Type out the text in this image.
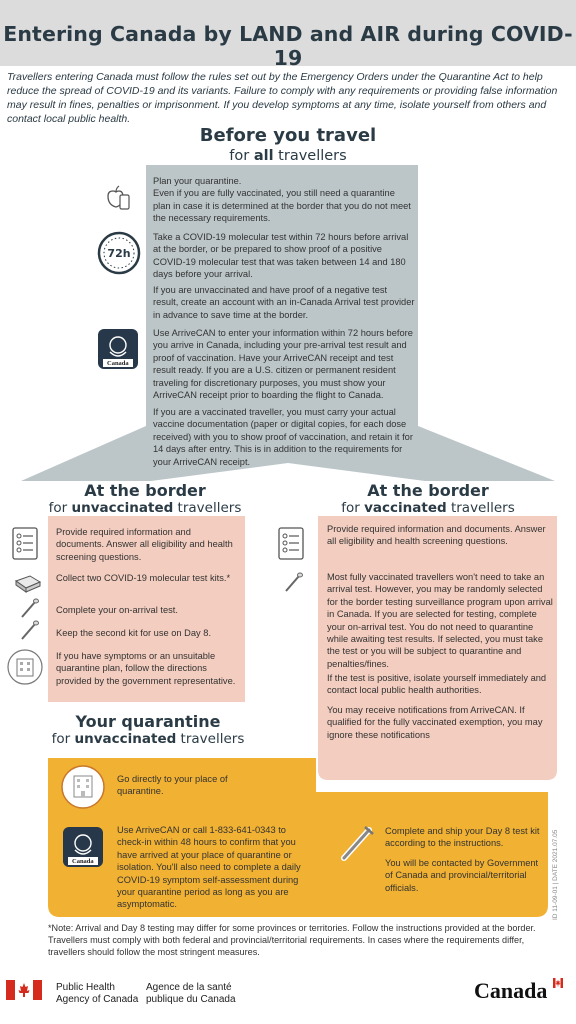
Entering Canada by LAND and AIR during COVID-19
Travellers entering Canada must follow the rules set out by the Emergency Orders under the Quarantine Act to help reduce the spread of COVID-19 and its variants. Failure to comply with any requirements or providing false information may result in fines, penalties or imprisonment. If you develop symptoms at any time, isolate yourself from others and contact local public health.
Before you travel
for all travellers
72h
Canada
Plan your quarantine.
Even if you are fully vaccinated, you still need a quarantine plan in case it is determined at the border that you do not meet the necessary requirements.
Take a COVID-19 molecular test within 72 hours before arrival at the border, or be prepared to show proof of a positive COVID-19 molecular test that was taken between 14 and 180 days before your arrival.
If you are unvaccinated and have proof of a negative test result, create an account with an in-Canada Arrival test provider in advance to save time at the border.
Use ArriveCAN to enter your information within 72 hours before you arrive in Canada, including your pre-arrival test result and proof of vaccination. Have your ArriveCAN receipt and test result ready. If you are a U.S. citizen or permanent resident traveling for discretionary purposes, you must show your ArriveCAN receipt prior to boarding the flight to Canada.
If you are a vaccinated traveller, you must carry your actual vaccine documentation (paper or digital copies, for each dose received) with you to show proof of vaccination, and retain it for 14 days after entry. This is in addition to the requirements for your ArriveCAN receipt.
At the border
for unvaccinated travellers
Provide required information and documents. Answer all eligibility and health screening questions.
Collect two COVID-19 molecular test kits.*
Complete your on-arrival test.
Keep the second kit for use on Day 8.
If you have symptoms or an unsuitable quarantine plan, follow the directions provided by the government representative.
At the border
for vaccinated travellers
Provide required information and documents. Answer all eligibility and health screening questions.
Most fully vaccinated travellers won't need to take an arrival test. However, you may be randomly selected for the border testing surveillance program upon arrival in Canada. If you are selected for testing, complete your on-arrival test. You do not need to quarantine while awaiting test results. If selected, you must take the test or you will be subject to quarantine and penalties/fines.
If the test is positive, isolate yourself immediately and contact local public health authorities.
You may receive notifications from ArriveCAN. If qualified for the fully vaccinated exemption, you may ignore these notifications
Your quarantine
for unvaccinated travellers
Go directly to your place of quarantine.
Canada
Use ArriveCAN or call 1-833-641-0343 to check-in within 48 hours to confirm that you have arrived at your place of quarantine or isolation. You'll also need to complete a daily COVID-19 symptom self-assessment during your quarantine period as long as you are asymptomatic.
Complete and ship your Day 8 test kit according to the instructions.
You will be contacted by Government of Canada and provincial/territorial officials.	ID 11-09-01 | DATE 2021.07.05
*Note: Arrival and Day 8 testing may differ for some provinces or territories. Follow the instructions provided at the border. Travellers must comply with both federal and provincial/territorial requirements. In cases where the requirements differ, travellers should follow the most stringent measures.
Public Health
Agency of Canada
Agence de la santé
publique du Canada	Canada
